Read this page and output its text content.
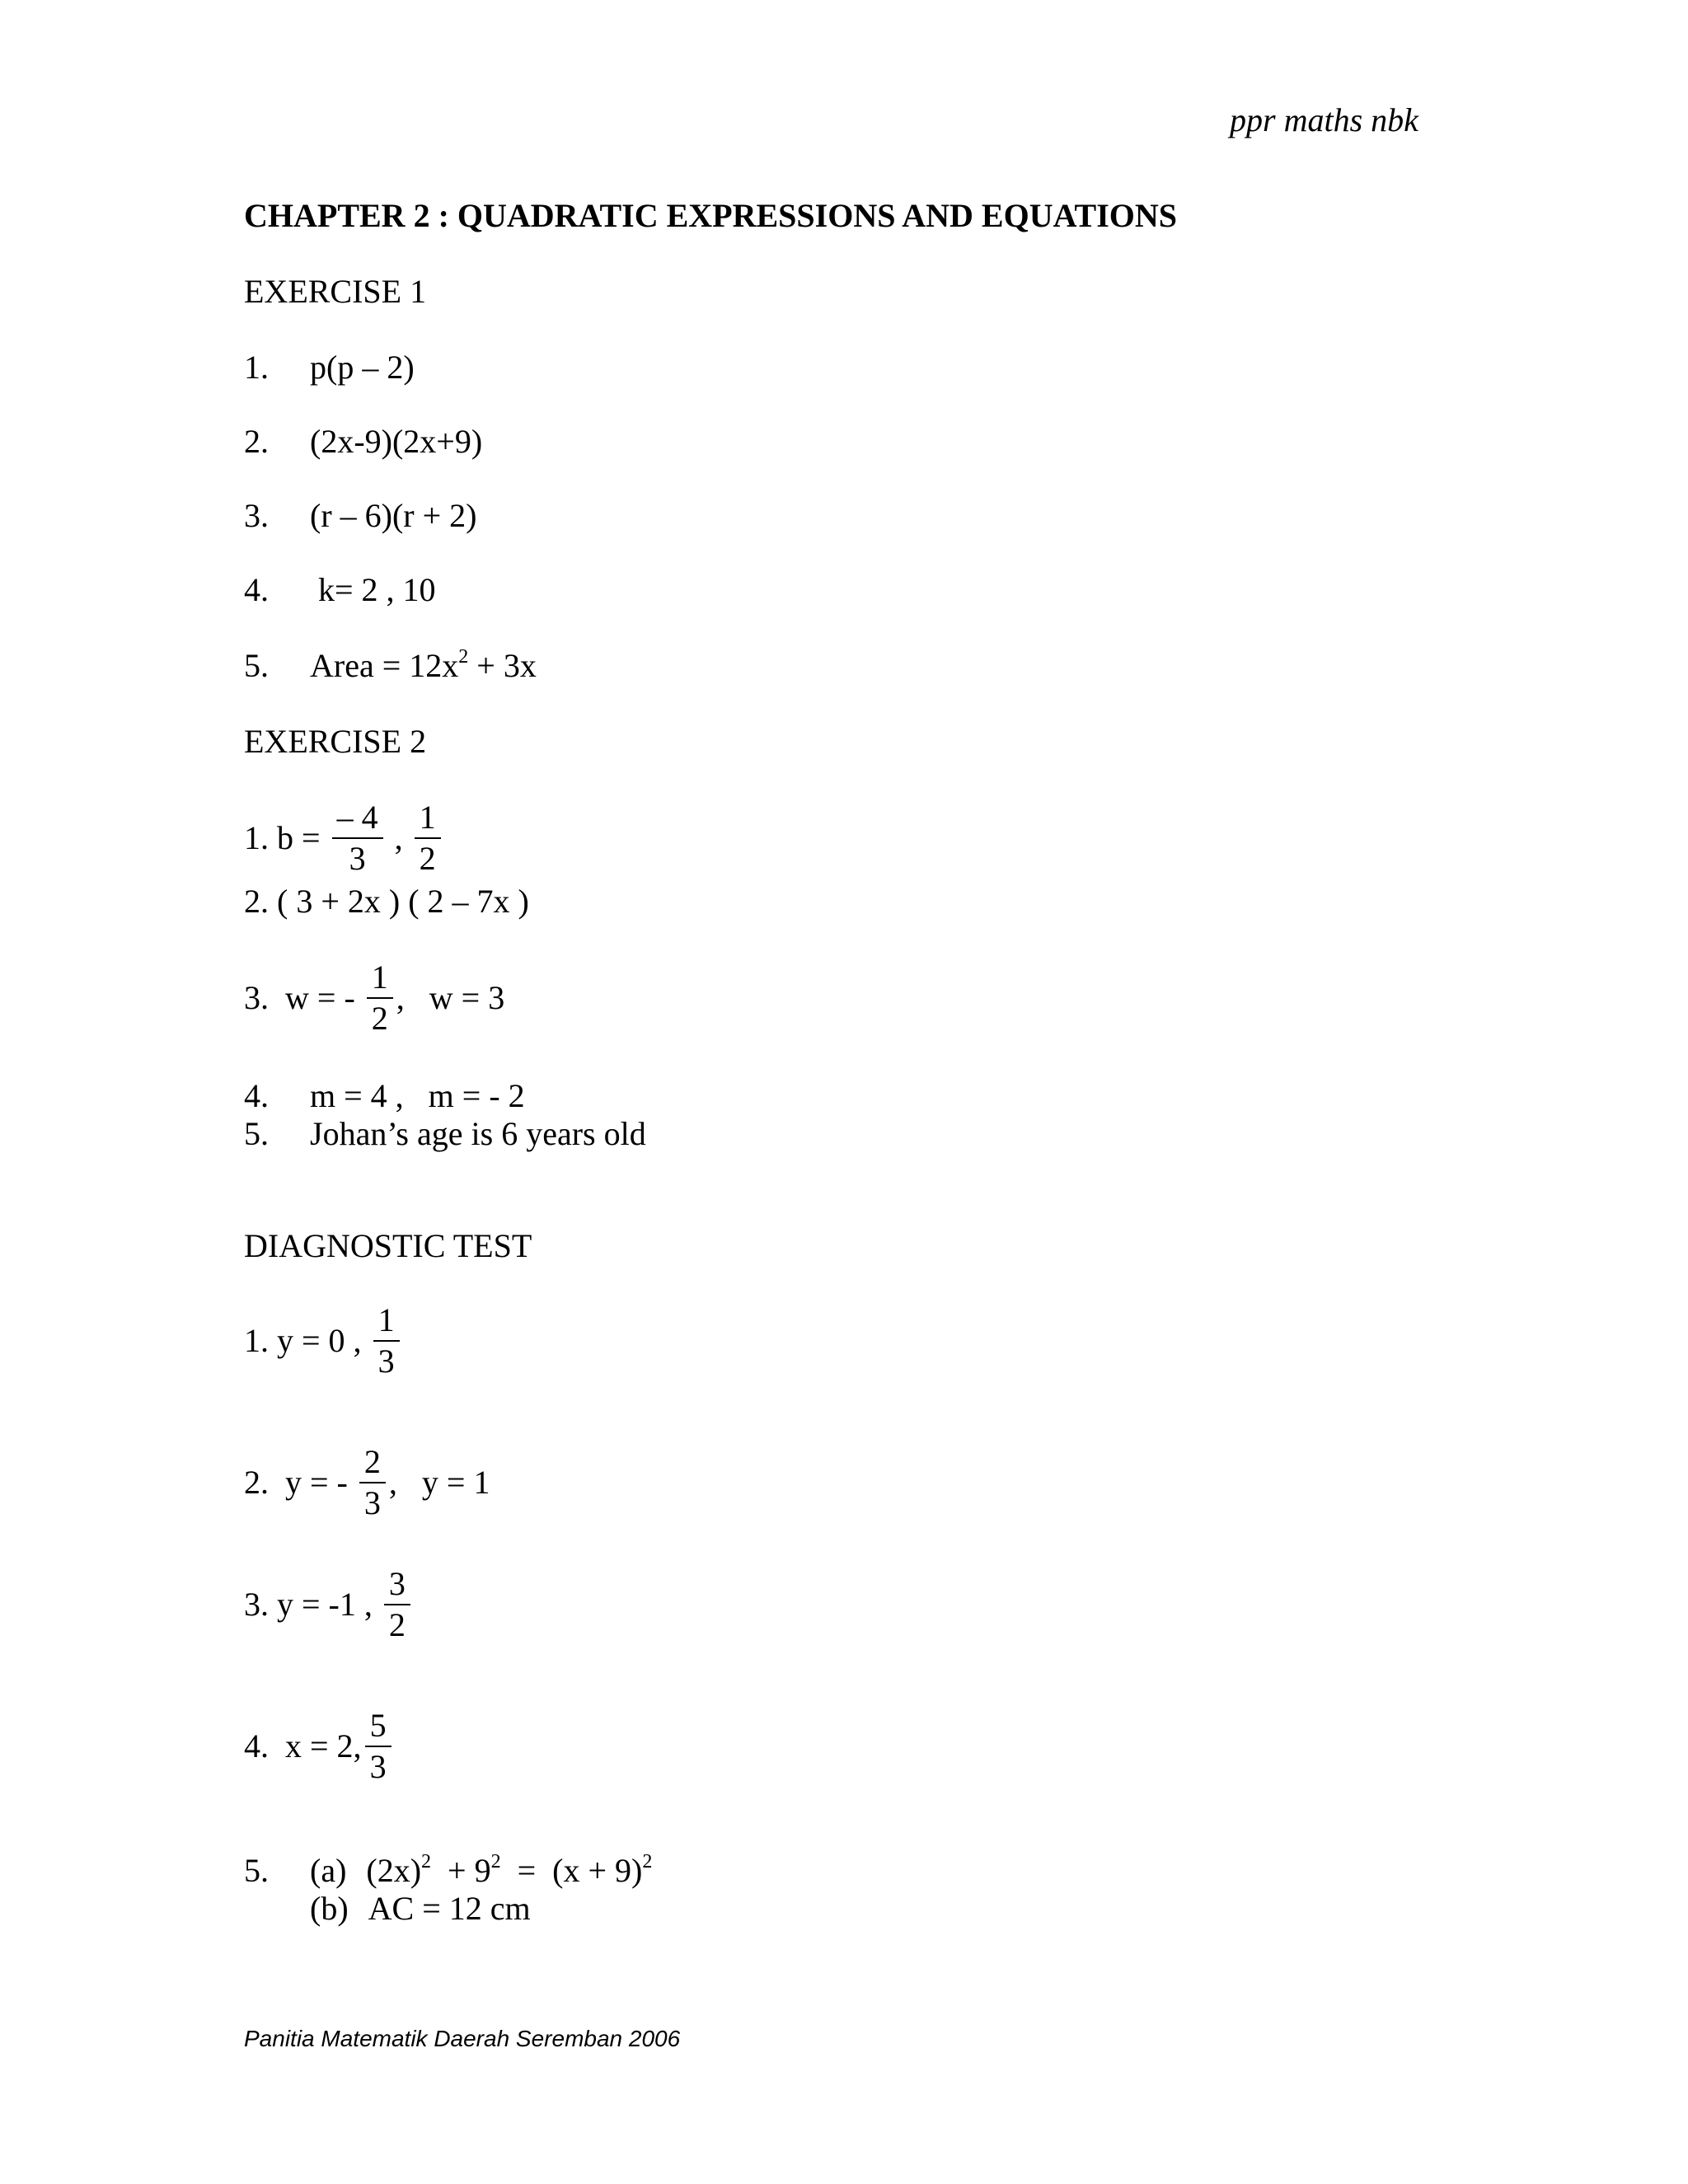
ppr maths nbk
CHAPTER 2 : QUADRATIC EXPRESSIONS AND EQUATIONS
EXERCISE 1
1. p(p – 2)
2. (2x-9)(2x+9)
3. (r – 6)(r + 2)
4. k= 2 , 10
5. Area = $12x^2 + 3x$
EXERCISE 2
1. $b = \frac{- 4}{3}$ , $\frac{1}{2}$
2. ( 3 + 2x ) ( 2 – 7x )
3.  w = - $\frac{1}{2}$ ,   w = 3
4. m = 4 ,   m = - 2
5. Johan’s age is 6 years old
DIAGNOSTIC TEST
1. y = 0 , $\frac{1}{3}$
2.  y = - $\frac{2}{3}$ ,   y = 1
3. y = -1 , $\frac{3}{2}$
4.  x = 2, $\frac{5}{3}$
5. (a) $(2x)^2 + 9^2 = (x + 9)^2$
(b) AC = 12 cm
Panitia Matematik Daerah Seremban 2006
